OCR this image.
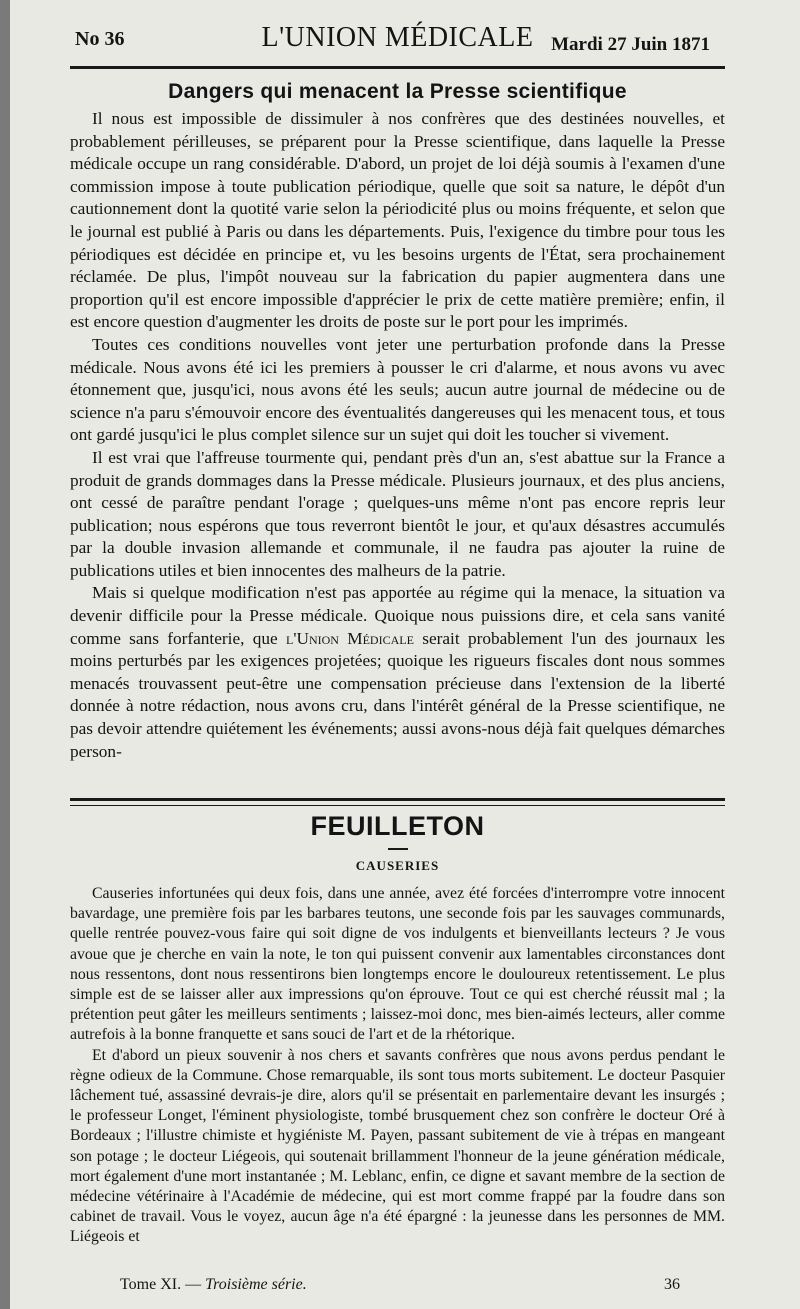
No 36	L'UNION MÉDICALE Mardi 27 Juin 1871
Dangers qui menacent la Presse scientifique

Il nous est impossible de dissimuler à nos confrères que des destinées nouvelles, et probablement périlleuses, se préparent pour la Presse scientifique, dans laquelle la Presse médicale occupe un rang considérable. D'abord, un projet de loi déjà soumis à l'examen d'une commission impose à toute publication périodique, quelle que soit sa nature, le dépôt d'un cautionnement dont la quotité varie selon la périodicité plus ou moins fréquente, et selon que le journal est publié à Paris ou dans les départements. Puis, l'exigence du timbre pour tous les périodiques est décidée en principe et, vu les besoins urgents de l'État, sera prochainement réclamée. De plus, l'impôt nouveau sur la fabrication du papier augmentera dans une proportion qu'il est encore impossible d'apprécier le prix de cette matière première; enfin, il est encore question d'augmenter les droits de poste sur le port pour les imprimés.

Toutes ces conditions nouvelles vont jeter une perturbation profonde dans la Presse médicale. Nous avons été ici les premiers à pousser le cri d'alarme, et nous avons vu avec étonnement que, jusqu'ici, nous avons été les seuls; aucun autre journal de médecine ou de science n'a paru s'émouvoir encore des éventualités dangereuses qui les menacent tous, et tous ont gardé jusqu'ici le plus complet silence sur un sujet qui doit les toucher si vivement.

Il est vrai que l'affreuse tourmente qui, pendant près d'un an, s'est abattue sur la France a produit de grands dommages dans la Presse médicale. Plusieurs journaux, et des plus anciens, ont cessé de paraître pendant l'orage ; quelques-uns même n'ont pas encore repris leur publication; nous espérons que tous reverront bientôt le jour, et qu'aux désastres accumulés par la double invasion allemande et communale, il ne faudra pas ajouter la ruine de publications utiles et bien innocentes des malheurs de la patrie.

Mais si quelque modification n'est pas apportée au régime qui la menace, la situation va devenir difficile pour la Presse médicale. Quoique nous puissions dire, et cela sans vanité comme sans forfanterie, que l'Union Médicale serait probablement l'un des journaux les moins perturbés par les exigences projetées; quoique les rigueurs fiscales dont nous sommes menacés trouvassent peut-être une compensation précieuse dans l'extension de la liberté donnée à notre rédaction, nous avons cru, dans l'intérêt général de la Presse scientifique, ne pas devoir attendre quiétement les événements; aussi avons-nous déjà fait quelques démarches person-

FEUILLETON
CAUSERIES

Causeries infortunées qui deux fois, dans une année, avez été forcées d'interrompre votre innocent bavardage, une première fois par les barbares teutons, une seconde fois par les sauvages communards, quelle rentrée pouvez-vous faire qui soit digne de vos indulgents et bienveillants lecteurs ? Je vous avoue que je cherche en vain la note, le ton qui puissent convenir aux lamentables circonstances dont nous ressentons, dont nous ressentirons bien longtemps encore le douloureux retentissement. Le plus simple est de se laisser aller aux impressions qu'on éprouve. Tout ce qui est cherché réussit mal ; la prétention peut gâter les meilleurs sentiments ; laissez-moi donc, mes bien-aimés lecteurs, aller comme autrefois à la bonne franquette et sans souci de l'art et de la rhétorique.

Et d'abord un pieux souvenir à nos chers et savants confrères que nous avons perdus pendant le règne odieux de la Commune. Chose remarquable, ils sont tous morts subitement. Le docteur Pasquier lâchement tué, assassiné devrais-je dire, alors qu'il se présentait en parlementaire devant les insurgés ; le professeur Longet, l'éminent physiologiste, tombé brusquement chez son confrère le docteur Oré à Bordeaux ; l'illustre chimiste et hygiéniste M. Payen, passant subitement de vie à trépas en mangeant son potage ; le docteur Liégeois, qui soutenait brillamment l'honneur de la jeune génération médicale, mort également d'une mort instantanée ; M. Leblanc, enfin, ce digne et savant membre de la section de médecine vétérinaire à l'Académie de médecine, qui est mort comme frappé par la foudre dans son cabinet de travail. Vous le voyez, aucun âge n'a été épargné : la jeunesse dans les personnes de MM. Liégeois et

Tome XI. — Troisième série.	36
